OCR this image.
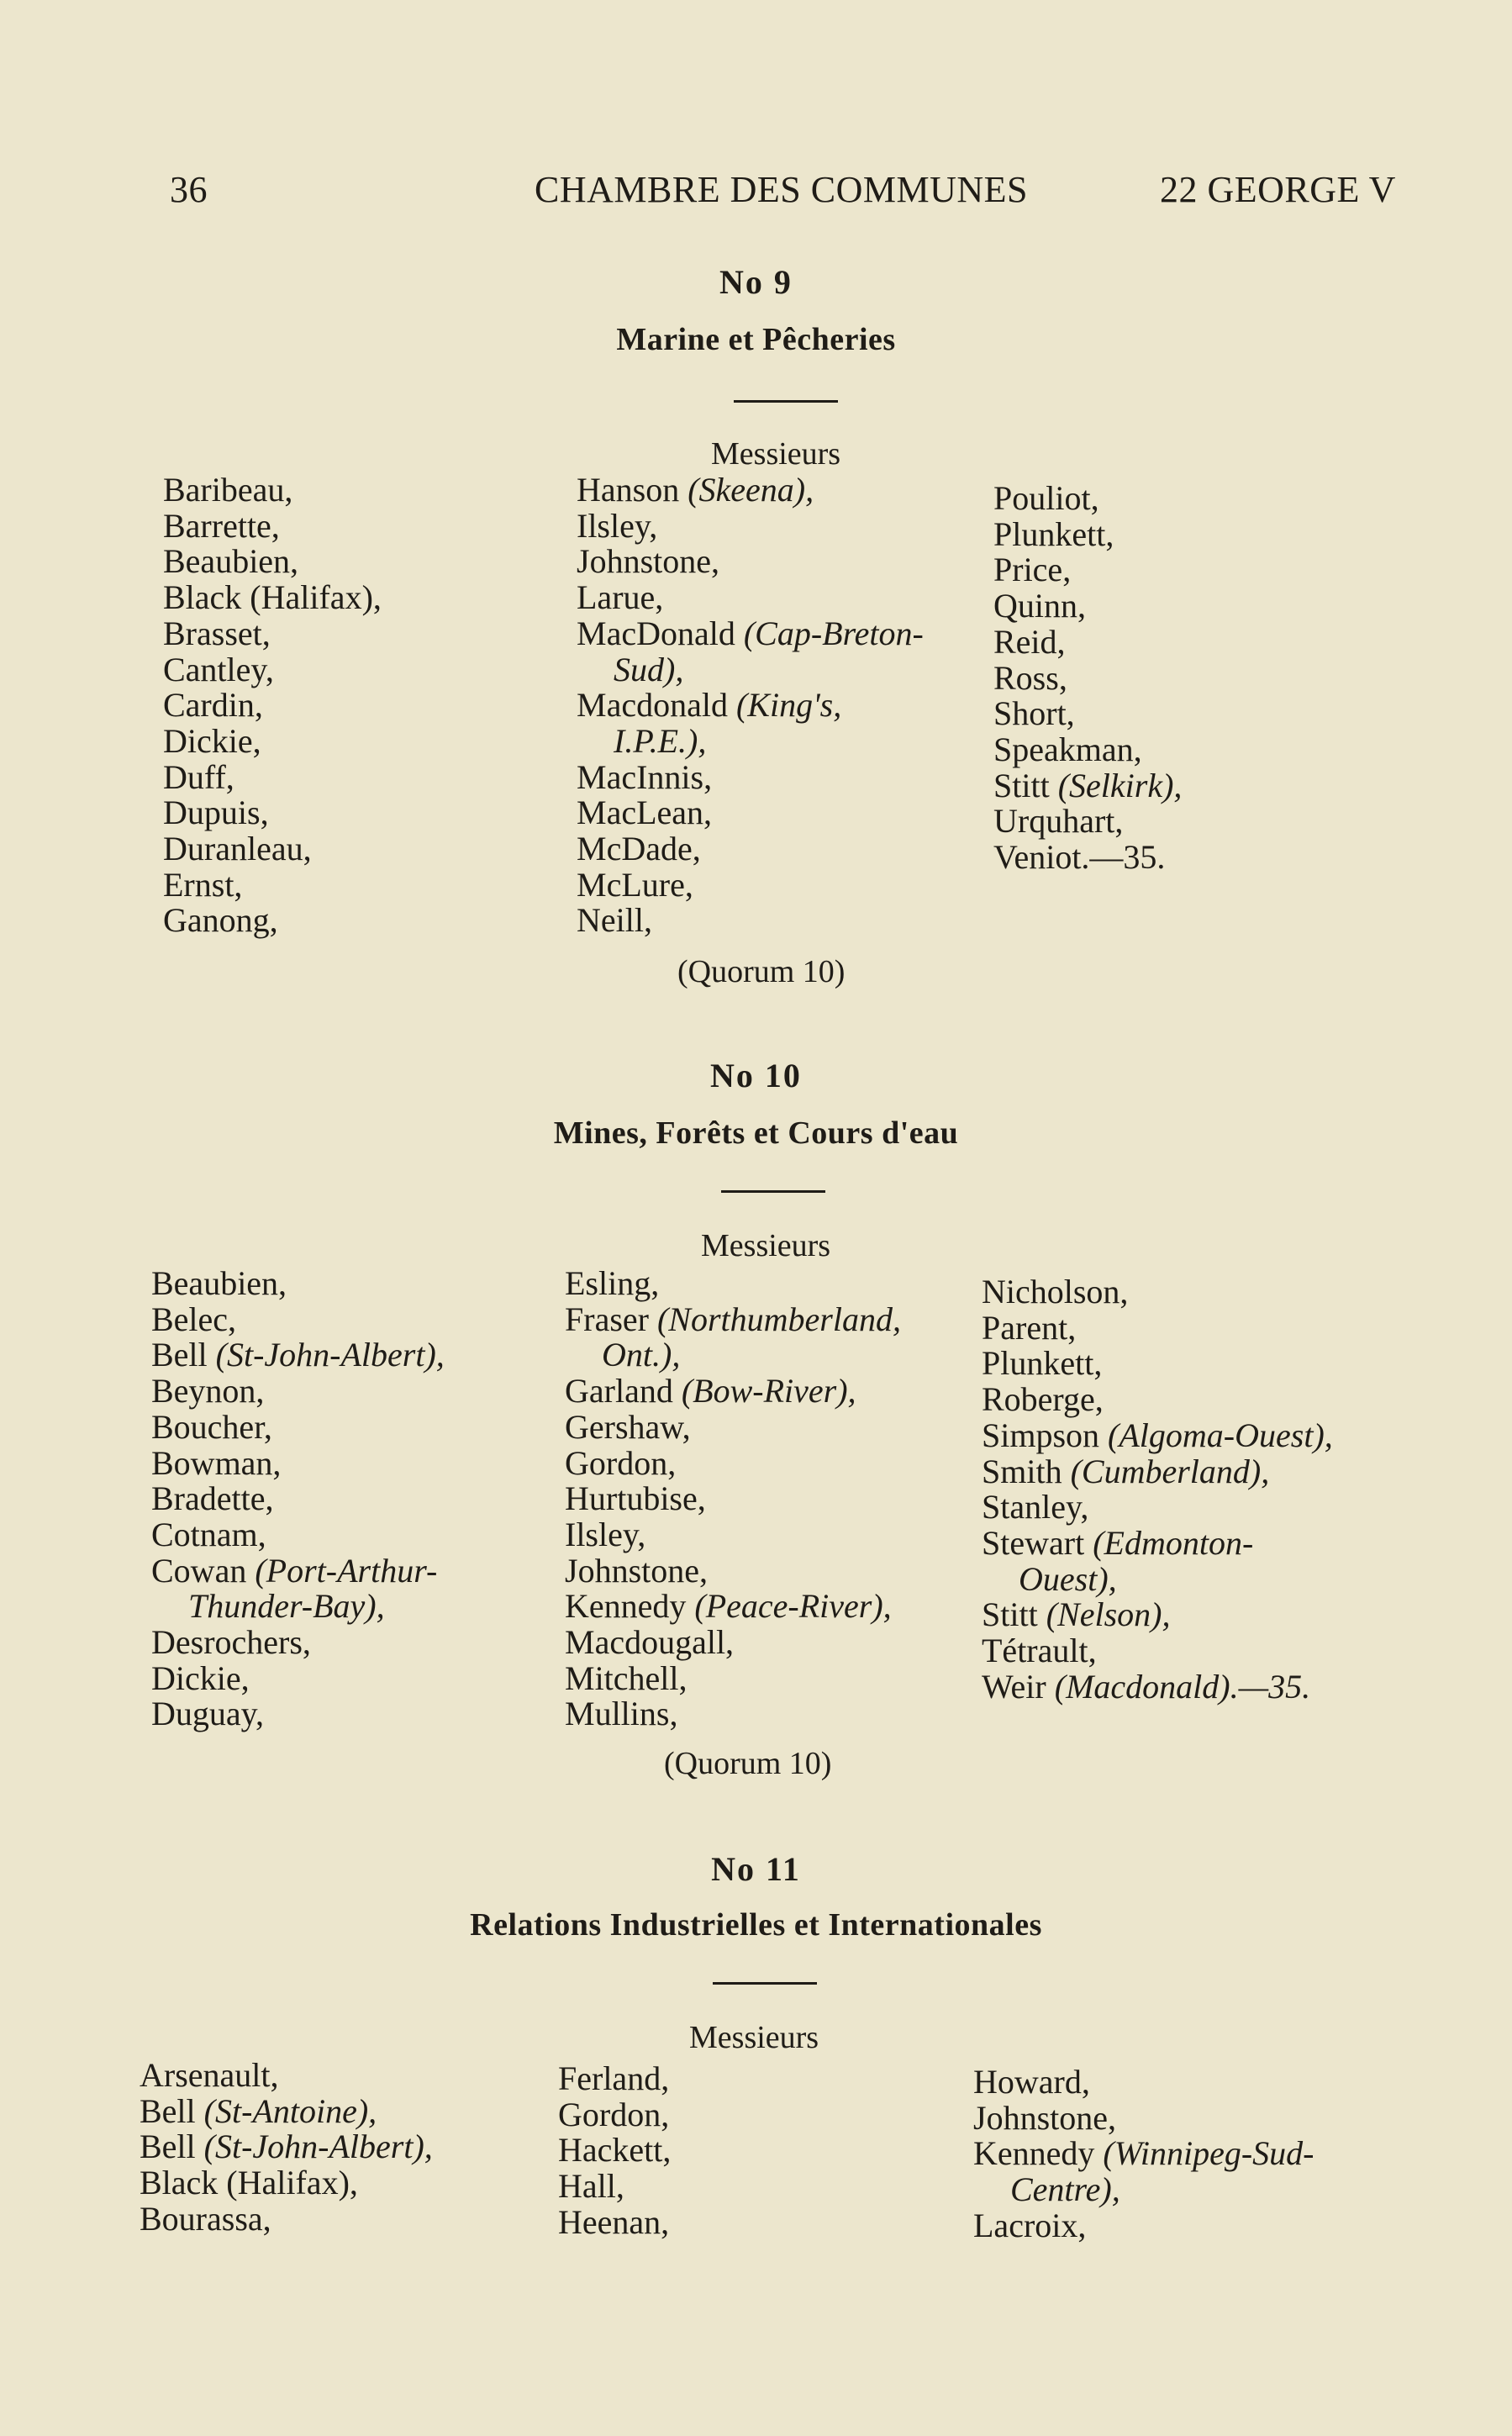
36	CHAMBRE DES COMMUNES	22 GEORGE V
No 9
Marine et Pêcheries
Messieurs
Baribeau,
Barrette,
Beaubien,
Black (Halifax),
Brasset,
Cantley,
Cardin,
Dickie,
Duff,
Dupuis,
Duranleau,
Ernst,
Ganong,
Hanson (Skeena),
Ilsley,
Johnstone,
Larue,
MacDonald (Cap-Breton-
Sud),
Macdonald (King's,
I.P.E.),
MacInnis,
MacLean,
McDade,
McLure,
Neill,
Pouliot,
Plunkett,
Price,
Quinn,
Reid,
Ross,
Short,
Speakman,
Stitt (Selkirk),
Urquhart,
Veniot.—35.
(Quorum 10)
No 10
Mines, Forêts et Cours d'eau
Messieurs
Beaubien,
Belec,
Bell (St-John-Albert),
Beynon,
Boucher,
Bowman,
Bradette,
Cotnam,
Cowan (Port-Arthur-
Thunder-Bay),
Desrochers,
Dickie,
Duguay,
Esling,
Fraser (Northumberland,
Ont.),
Garland (Bow-River),
Gershaw,
Gordon,
Hurtubise,
Ilsley,
Johnstone,
Kennedy (Peace-River),
Macdougall,
Mitchell,
Mullins,
Nicholson,
Parent,
Plunkett,
Roberge,
Simpson (Algoma-Ouest),
Smith (Cumberland),
Stanley,
Stewart (Edmonton-
Ouest),
Stitt (Nelson),
Tétrault,
Weir (Macdonald).—35.
(Quorum 10)
No 11
Relations Industrielles et Internationales
Messieurs
Arsenault,
Bell (St-Antoine),
Bell (St-John-Albert),
Black (Halifax),
Bourassa,
Ferland,
Gordon,
Hackett,
Hall,
Heenan,
Howard,
Johnstone,
Kennedy (Winnipeg-Sud-
Centre),
Lacroix,
